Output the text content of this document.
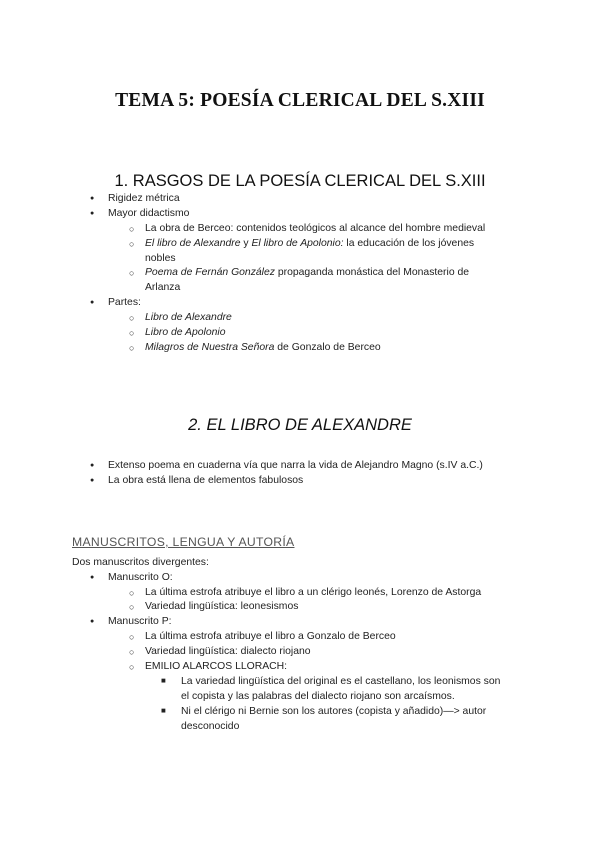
TEMA 5: POESÍA CLERICAL DEL S.XIII
1. RASGOS DE LA POESÍA CLERICAL DEL S.XIII
●
Rigidez métrica
●
Mayor didactismo
○
La obra de Berceo: contenidos teológicos al alcance del hombre medieval
○
El libro de Alexandre y El libro de Apolonio: la educación de los jóvenes
nobles
○
Poema de Fernán González propaganda monástica del Monasterio de
Arlanza
●
Partes:
○
Libro de Alexandre
○
Libro de Apolonio
○
Milagros de Nuestra Señora de Gonzalo de Berceo
2. EL LIBRO DE ALEXANDRE
●
Extenso poema en cuaderna vía que narra la vida de Alejandro Magno (s.IV a.C.)
●
La obra está llena de elementos fabulosos
MANUSCRITOS, LENGUA Y AUTORÍA
Dos manuscritos divergentes:
●
Manuscrito O:
○
La última estrofa atribuye el libro a un clérigo leonés, Lorenzo de Astorga
○
Variedad lingüística: leonesismos
●
Manuscrito P:
○
La última estrofa atribuye el libro a Gonzalo de Berceo
○
Variedad lingüística: dialecto riojano
○
EMILIO ALARCOS LLORACH:
■
La variedad lingüística del original es el castellano, los leonismos son
el copista y las palabras del dialecto riojano son arcaísmos.
■
Ni el clérigo ni Bernie son los autores (copista y añadido)—> autor
desconocido
